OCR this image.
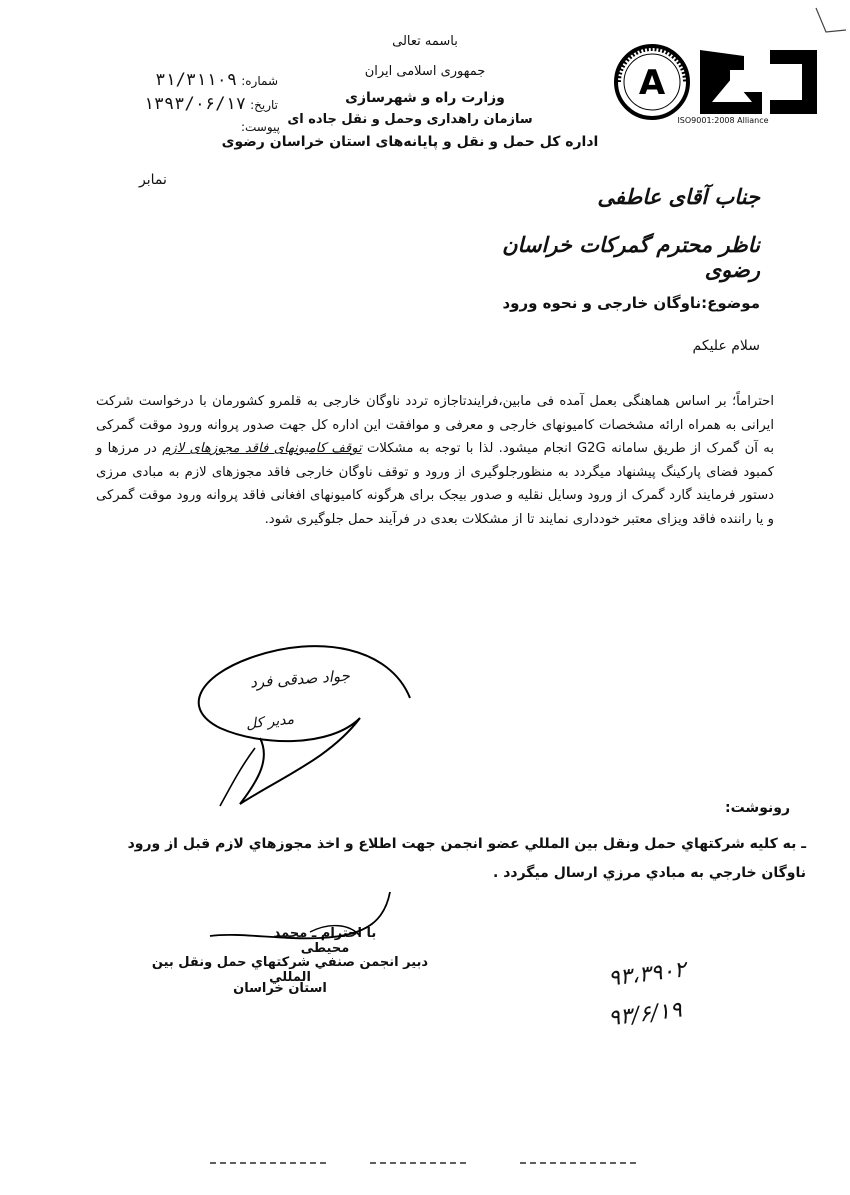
باسمه تعالی
جمهوری اسلامی ایران
وزارت راه و شهرسازی
سازمان راهداری وحمل و نقل جاده ای
اداره کل حمل و نقل و پایانه‌های استان خراسان رضوی
شماره: ۳۱/۳۱۱۰۹
تاریخ: ۱۳۹۳/۰۶/۱۷
پیوست:
نمابر
A
ISO9001:2008 Alliance
جناب آقای عاطفی
ناظر محترم گمرکات خراسان رضوی
موضوع:ناوگان خارجی و نحوه ورود
سلام علیکم
احتراماً؛ بر اساس هماهنگی بعمل آمده فی مابین،فرایندتاجازه تردد ناوگان خارجی به قلمرو کشورمان با درخواست شرکت ایرانی به همراه ارائه مشخصات کامیونهای خارجی و معرفی و موافقت این اداره کل جهت صدور پروانه ورود موقت گمرکی به آن گمرک از طریق سامانه G2G انجام میشود. لذا با توجه به مشکلات توقف کامیونهای فاقد مجوزهای لازم در مرزها و کمبود فضای پارکینگ پیشنهاد میگردد به منظورجلوگیری از ورود و توقف ناوگان خارجی فاقد مجوزهای لازم به مبادی مرزی دستور فرمایند گارد گمرک از ورود وسایل نقلیه و صدور بیجک برای هرگونه کامیونهای افغانی فاقد پروانه ورود موقت گمرکی و یا راننده فاقد ویزای معتبر خودداری نمایند تا از مشکلات بعدی در فرآیند حمل جلوگیری شود.
جواد صدقی فرد
مدیر کل
رونوشت:
ـ به كليه شركتهاي حمل ونقل بين المللي عضو انجمن جهت اطلاع و اخذ مجوزهاي لازم قبل از ورود ناوگان خارجي به مبادي مرزي ارسال ميگردد .
با احترام ـ محمد محیطی
دبير انجمن صنفي شركتهاي حمل ونقل بين المللي
استان خراسان	۹۳،۳۹۰۲
۹۳/۶/۱۹
